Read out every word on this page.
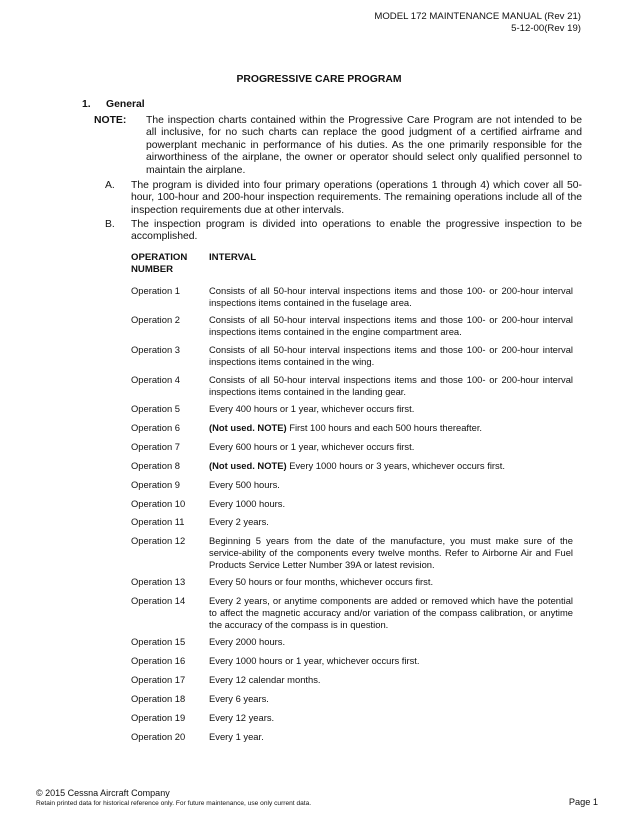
MODEL 172 MAINTENANCE MANUAL (Rev 21)
5-12-00(Rev 19)
PROGRESSIVE CARE PROGRAM
1. General
NOTE:	The inspection charts contained within the Progressive Care Program are not intended to be all inclusive, for no such charts can replace the good judgment of a certified airframe and powerplant mechanic in performance of his duties. As the one primarily responsible for the airworthiness of the airplane, the owner or operator should select only qualified personnel to maintain the airplane.
A.	The program is divided into four primary operations (operations 1 through 4) which cover all 50-hour, 100-hour and 200-hour inspection requirements. The remaining operations include all of the inspection requirements due at other intervals.
B.	The inspection program is divided into operations to enable the progressive inspection to be accomplished.
OPERATION NUMBER
INTERVAL
Operation 1	Consists of all 50-hour interval inspections items and those 100- or 200-hour interval inspections items contained in the fuselage area.
Operation 2	Consists of all 50-hour interval inspections items and those 100- or 200-hour interval inspections items contained in the engine compartment area.
Operation 3	Consists of all 50-hour interval inspections items and those 100- or 200-hour interval inspections items contained in the wing.
Operation 4	Consists of all 50-hour interval inspections items and those 100- or 200-hour interval inspections items contained in the landing gear.
Operation 5	Every 400 hours or 1 year, whichever occurs first.
Operation 6	(Not used. NOTE) First 100 hours and each 500 hours thereafter.
Operation 7	Every 600 hours or 1 year, whichever occurs first.
Operation 8	(Not used. NOTE) Every 1000 hours or 3 years, whichever occurs first.
Operation 9	Every 500 hours.
Operation 10	Every 1000 hours.
Operation 11	Every 2 years.
Operation 12	Beginning 5 years from the date of the manufacture, you must make sure of the service-ability of the components every twelve months. Refer to Airborne Air and Fuel Products Service Letter Number 39A or latest revision.
Operation 13	Every 50 hours or four months, whichever occurs first.
Operation 14	Every 2 years, or anytime components are added or removed which have the potential to affect the magnetic accuracy and/or variation of the compass calibration, or anytime the accuracy of the compass is in question.
Operation 15	Every 2000 hours.
Operation 16	Every 1000 hours or 1 year, whichever occurs first.
Operation 17	Every 12 calendar months.
Operation 18	Every 6 years.
Operation 19	Every 12 years.
Operation 20	Every 1 year.
© 2015 Cessna Aircraft Company
Retain printed data for historical reference only. For future maintenance, use only current data.	Page 1
